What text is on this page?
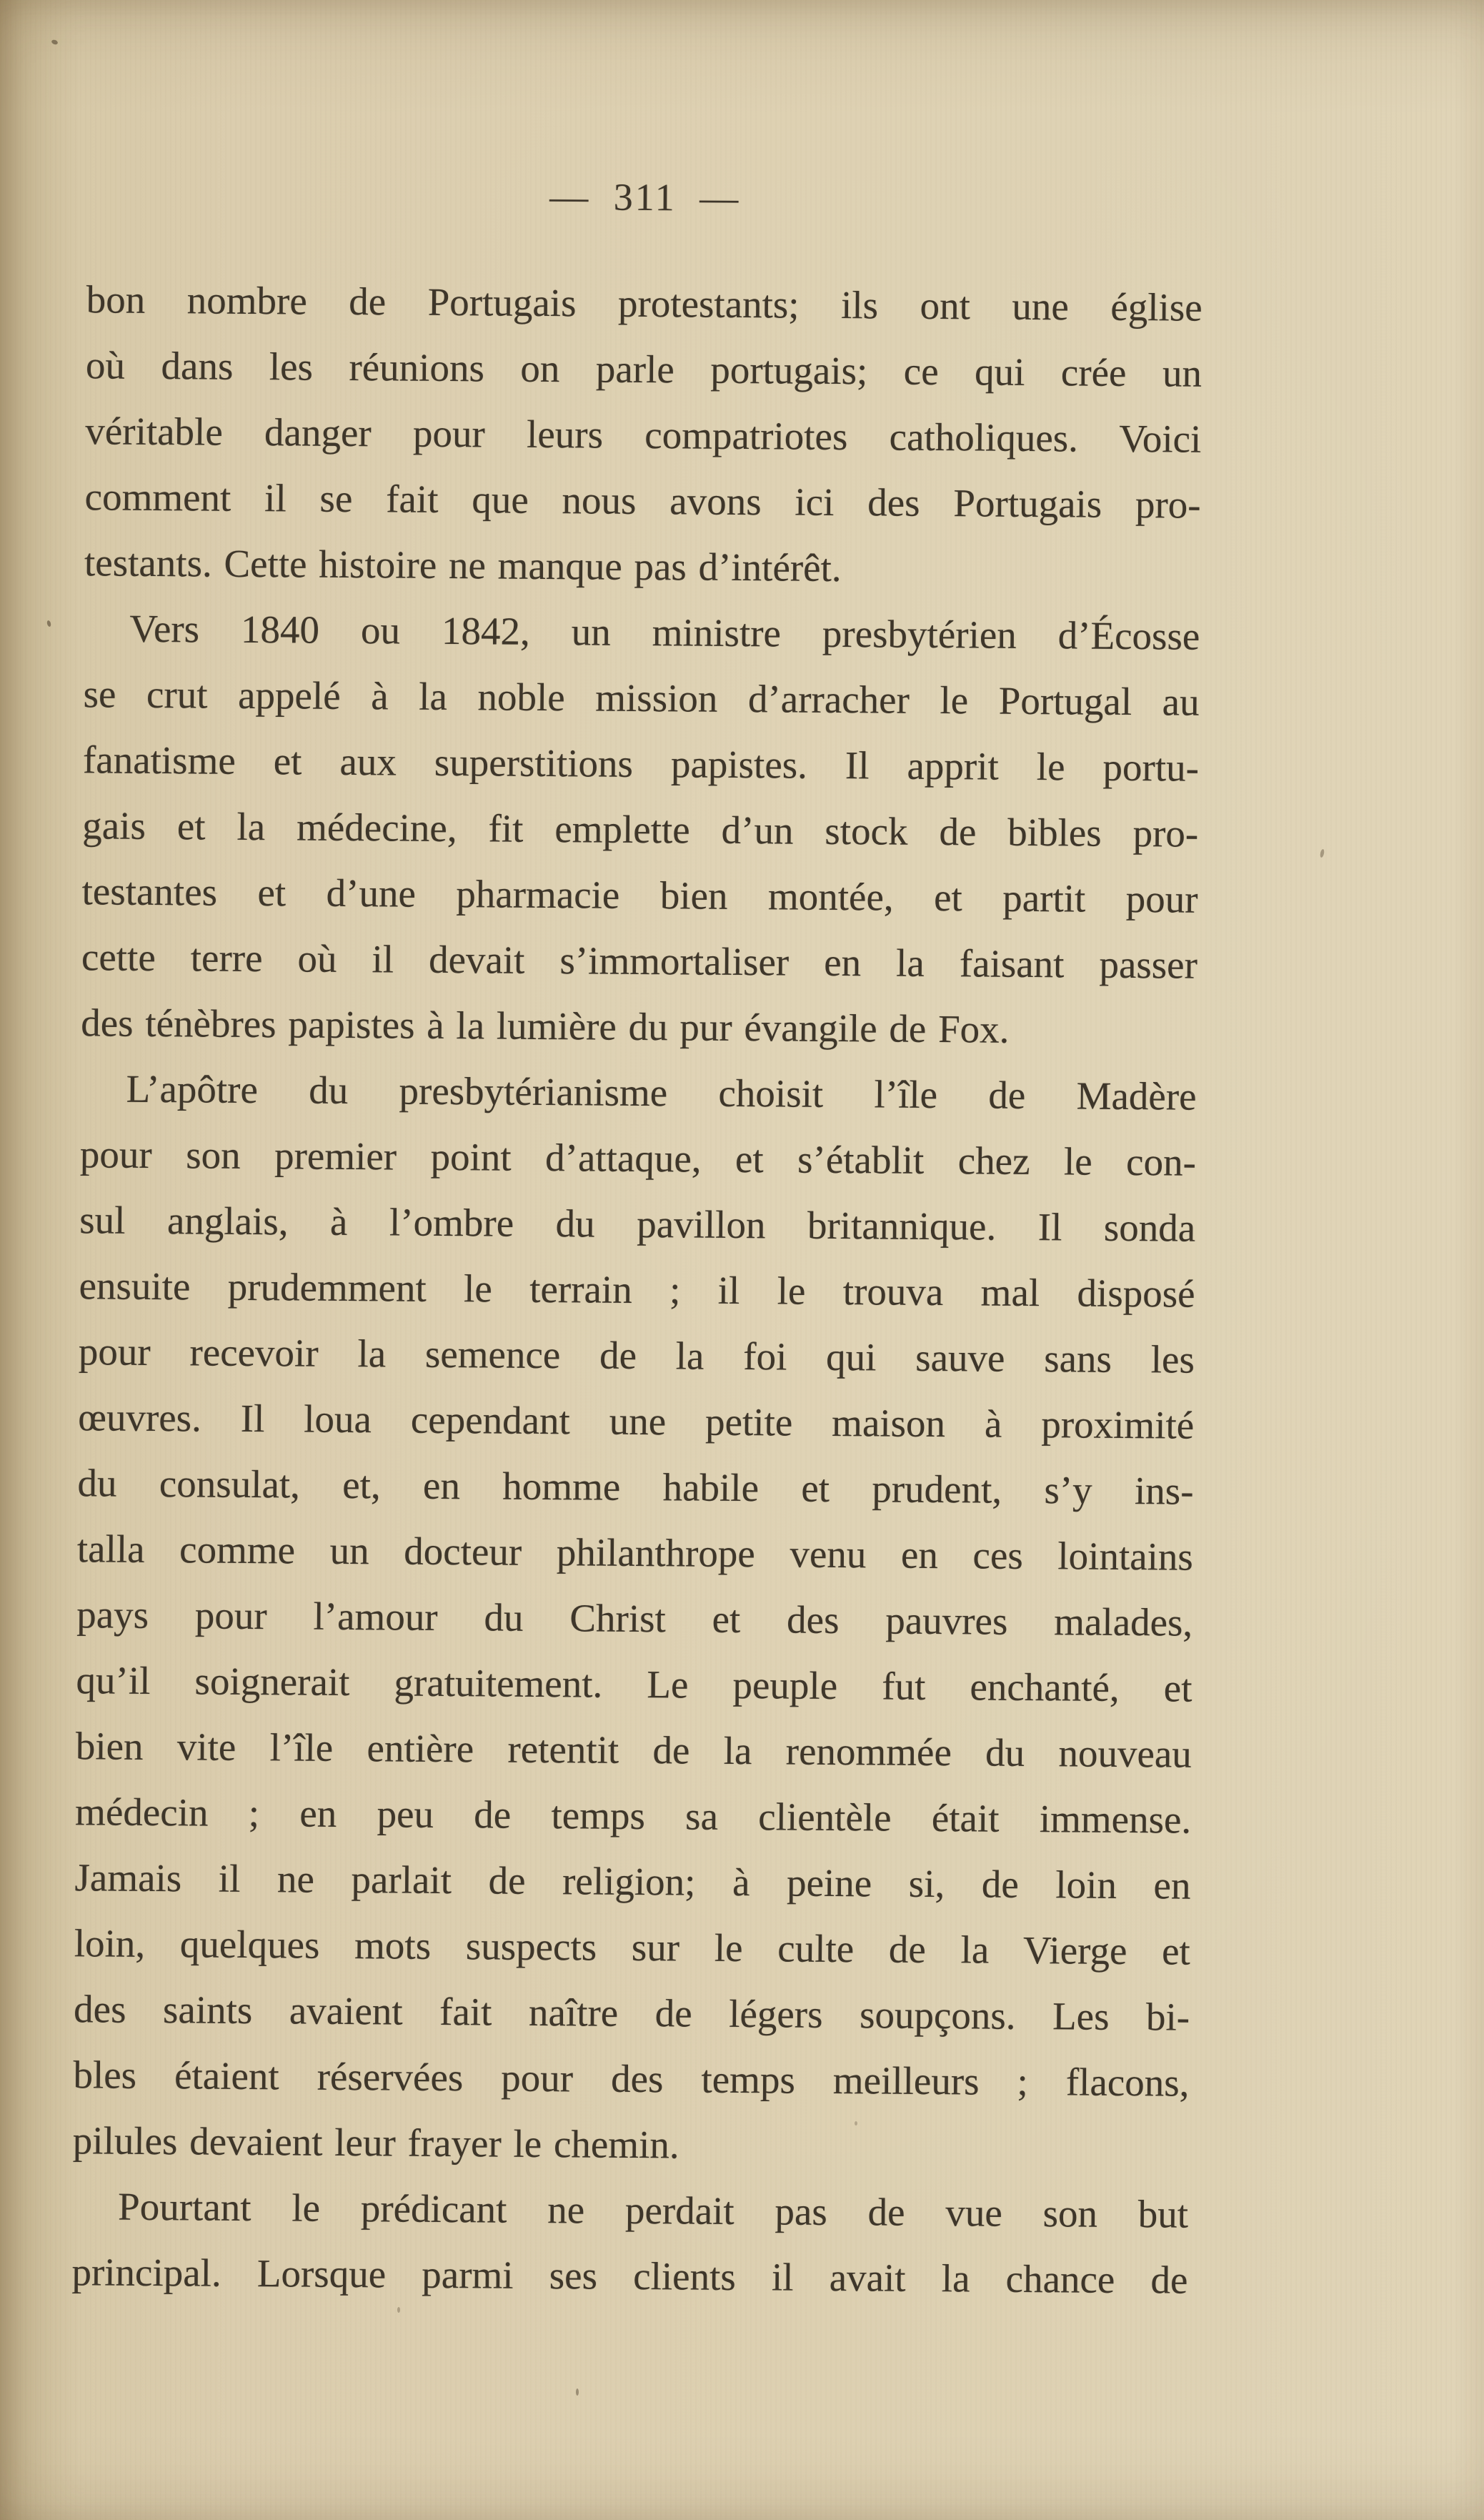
— 311 —
bon nombre de Portugais protestants; ils ont une église
où dans les réunions on parle portugais; ce qui crée un
véritable danger pour leurs compatriotes catholiques. Voici
comment il se fait que nous avons ici des Portugais pro-
testants. Cette histoire ne manque pas d’intérêt.
Vers 1840 ou 1842, un ministre presbytérien d’Écosse
se crut appelé à la noble mission d’arracher le Portugal au
fanatisme et aux superstitions papistes. Il apprit le portu-
gais et la médecine, fit emplette d’un stock de bibles pro-
testantes et d’une pharmacie bien montée, et partit pour
cette terre où il devait s’immortaliser en la faisant passer
des ténèbres papistes à la lumière du pur évangile de Fox.
L’apôtre du presbytérianisme choisit l’île de Madère
pour son premier point d’attaque, et s’établit chez le con-
sul anglais, à l’ombre du pavillon britannique. Il sonda
ensuite prudemment le terrain ; il le trouva mal disposé
pour recevoir la semence de la foi qui sauve sans les
œuvres. Il loua cependant une petite maison à proximité
du consulat, et, en homme habile et prudent, s’y ins-
talla comme un docteur philanthrope venu en ces lointains
pays pour l’amour du Christ et des pauvres malades,
qu’il soignerait gratuitement. Le peuple fut enchanté, et
bien vite l’île entière retentit de la renommée du nouveau
médecin ; en peu de temps sa clientèle était immense.
Jamais il ne parlait de religion; à peine si, de loin en
loin, quelques mots suspects sur le culte de la Vierge et
des saints avaient fait naître de légers soupçons. Les bi-
bles étaient réservées pour des temps meilleurs ; flacons,
pilules devaient leur frayer le chemin.
Pourtant le prédicant ne perdait pas de vue son but
principal. Lorsque parmi ses clients il avait la chance de
